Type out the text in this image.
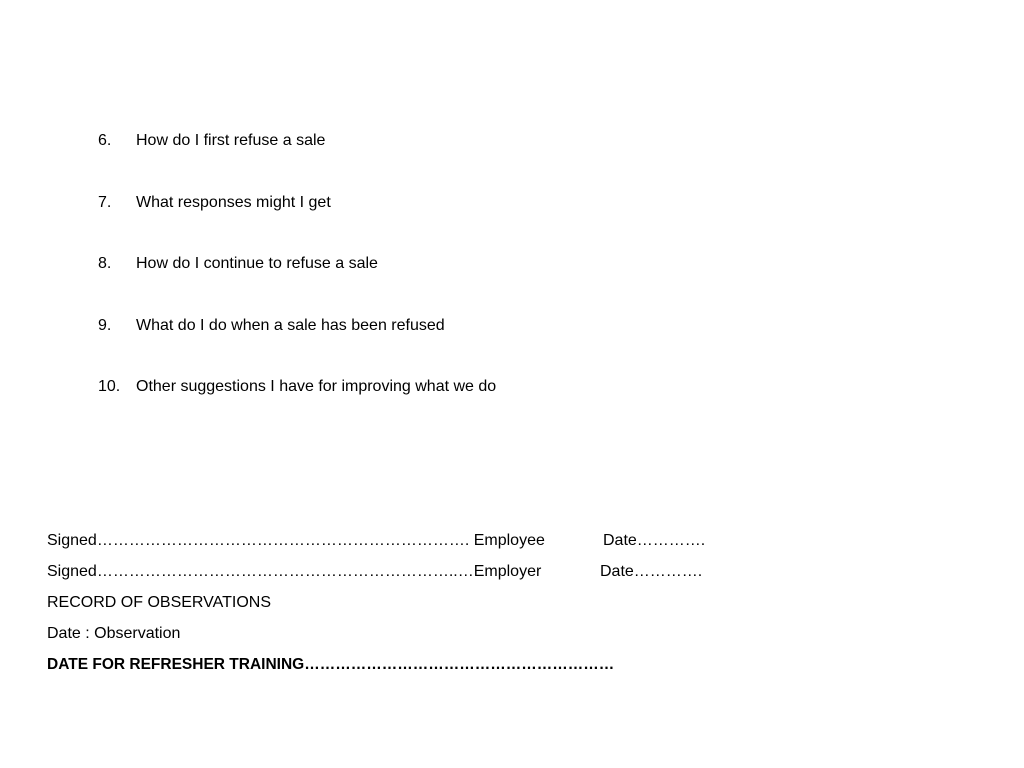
6.	How do I first refuse a sale
7.	What responses might I get
8.	How do I continue to refuse a sale
9.	What do I do when a sale has been refused
10. Other suggestions I have for improving what we do
Signed……………………………………………………………. Employee	Date………….
Signed…………………………………………………………..…Employer	Date………….
RECORD OF OBSERVATIONS
Date : Observation
DATE FOR REFRESHER TRAINING……………………………………………………
